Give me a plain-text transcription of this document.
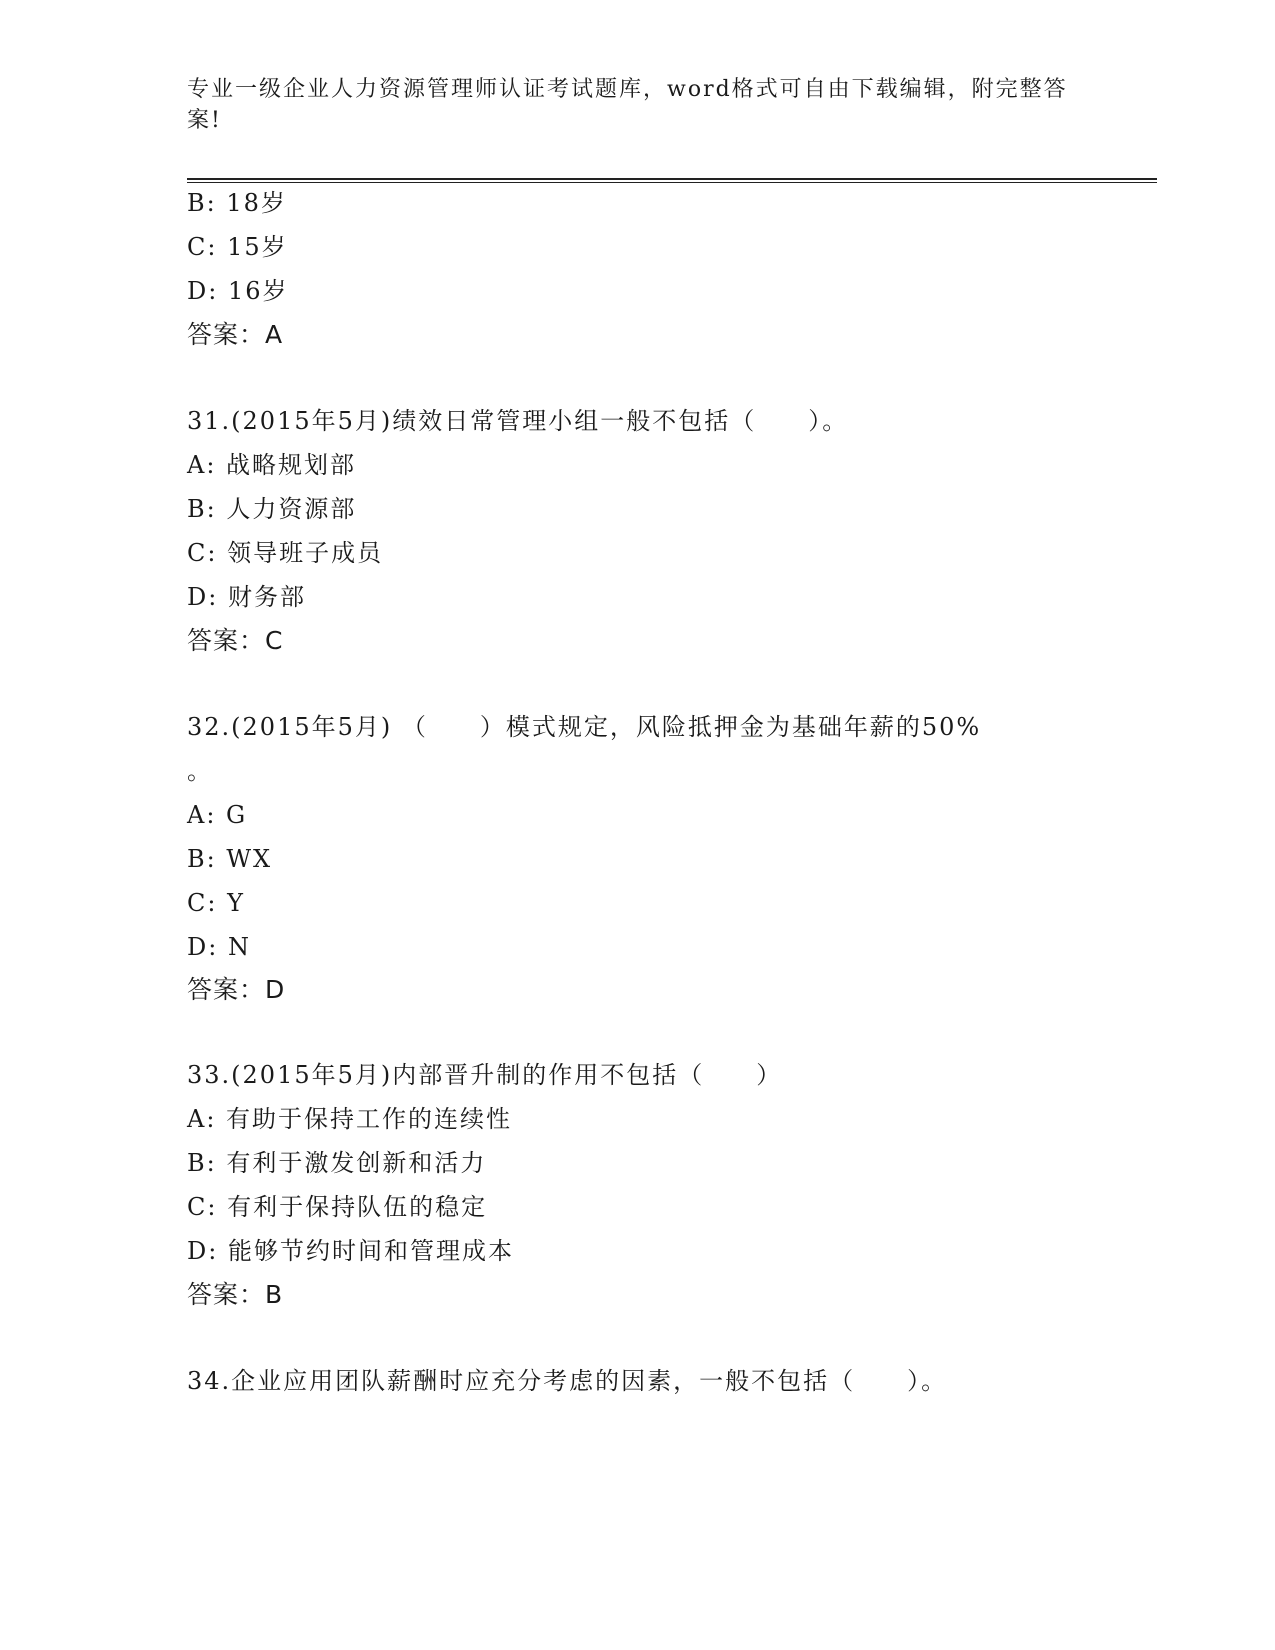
专业一级企业人力资源管理师认证考试题库，word格式可自由下载编辑，附完整答案!
B: 18岁
C: 15岁
D: 16岁
答案：A
31.(2015年5月)绩效日常管理小组一般不包括（　　）。
A: 战略规划部
B: 人力资源部
C: 领导班子成员
D: 财务部
答案：C
32.(2015年5月) （　　）模式规定，风险抵押金为基础年薪的50%
。
A: G
B: WX
C: Y
D: N
答案：D
33.(2015年5月)内部晋升制的作用不包括（　　）
A: 有助于保持工作的连续性
B: 有利于激发创新和活力
C: 有利于保持队伍的稳定
D: 能够节约时间和管理成本
答案：B
34.企业应用团队薪酬时应充分考虑的因素，一般不包括（　　）。
